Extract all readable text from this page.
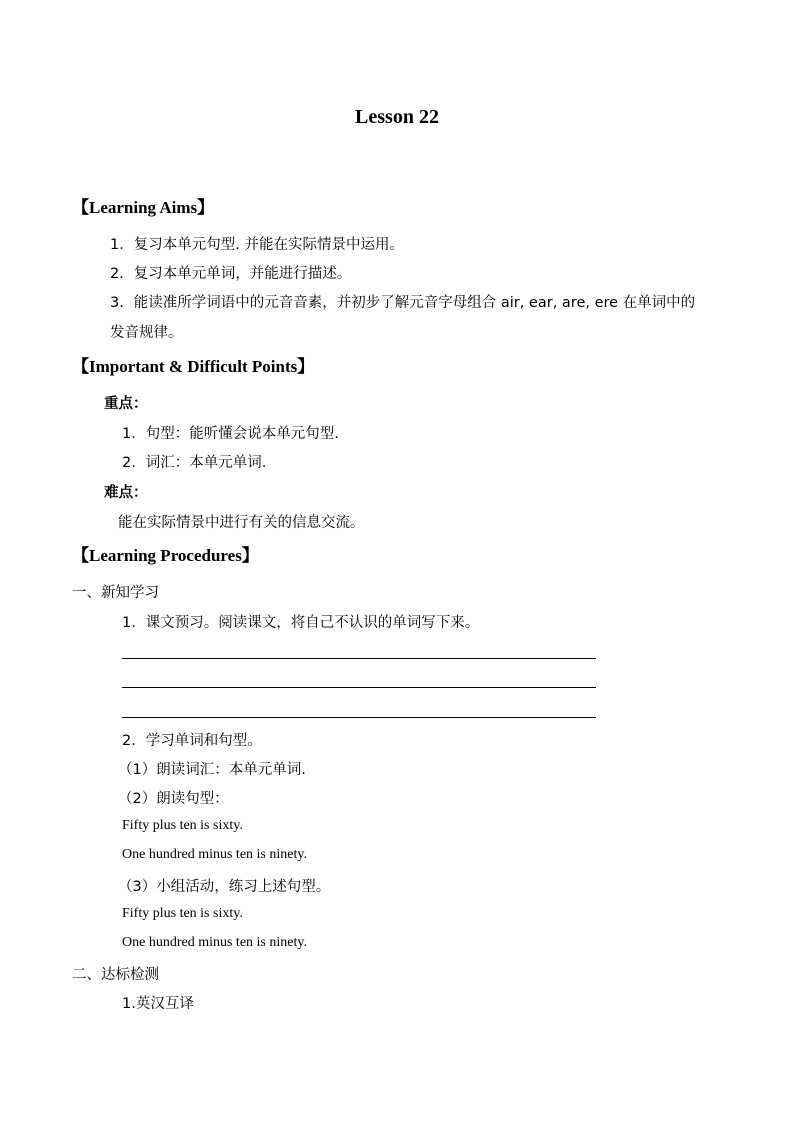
Lesson 22
【Learning Aims】
1．复习本单元句型. 并能在实际情景中运用。
2．复习本单元单词，并能进行描述。
3．能读准所学词语中的元音音素，并初步了解元音字母组合 air, ear, are, ere 在单词中的
发音规律。
【Important & Difficult Points】
重点：
1．句型：能听懂会说本单元句型.
2．词汇：本单元单词.
难点：
能在实际情景中进行有关的信息交流。
【Learning Procedures】
一、新知学习
1．课文预习。阅读课文，将自己不认识的单词写下来。
2．学习单词和句型。
（1）朗读词汇：本单元单词.
（2）朗读句型：
Fifty plus ten is sixty.
One hundred minus ten is ninety.
（3）小组活动，练习上述句型。
Fifty plus ten is sixty.
One hundred minus ten is ninety.
二、达标检测
1.英汉互译
